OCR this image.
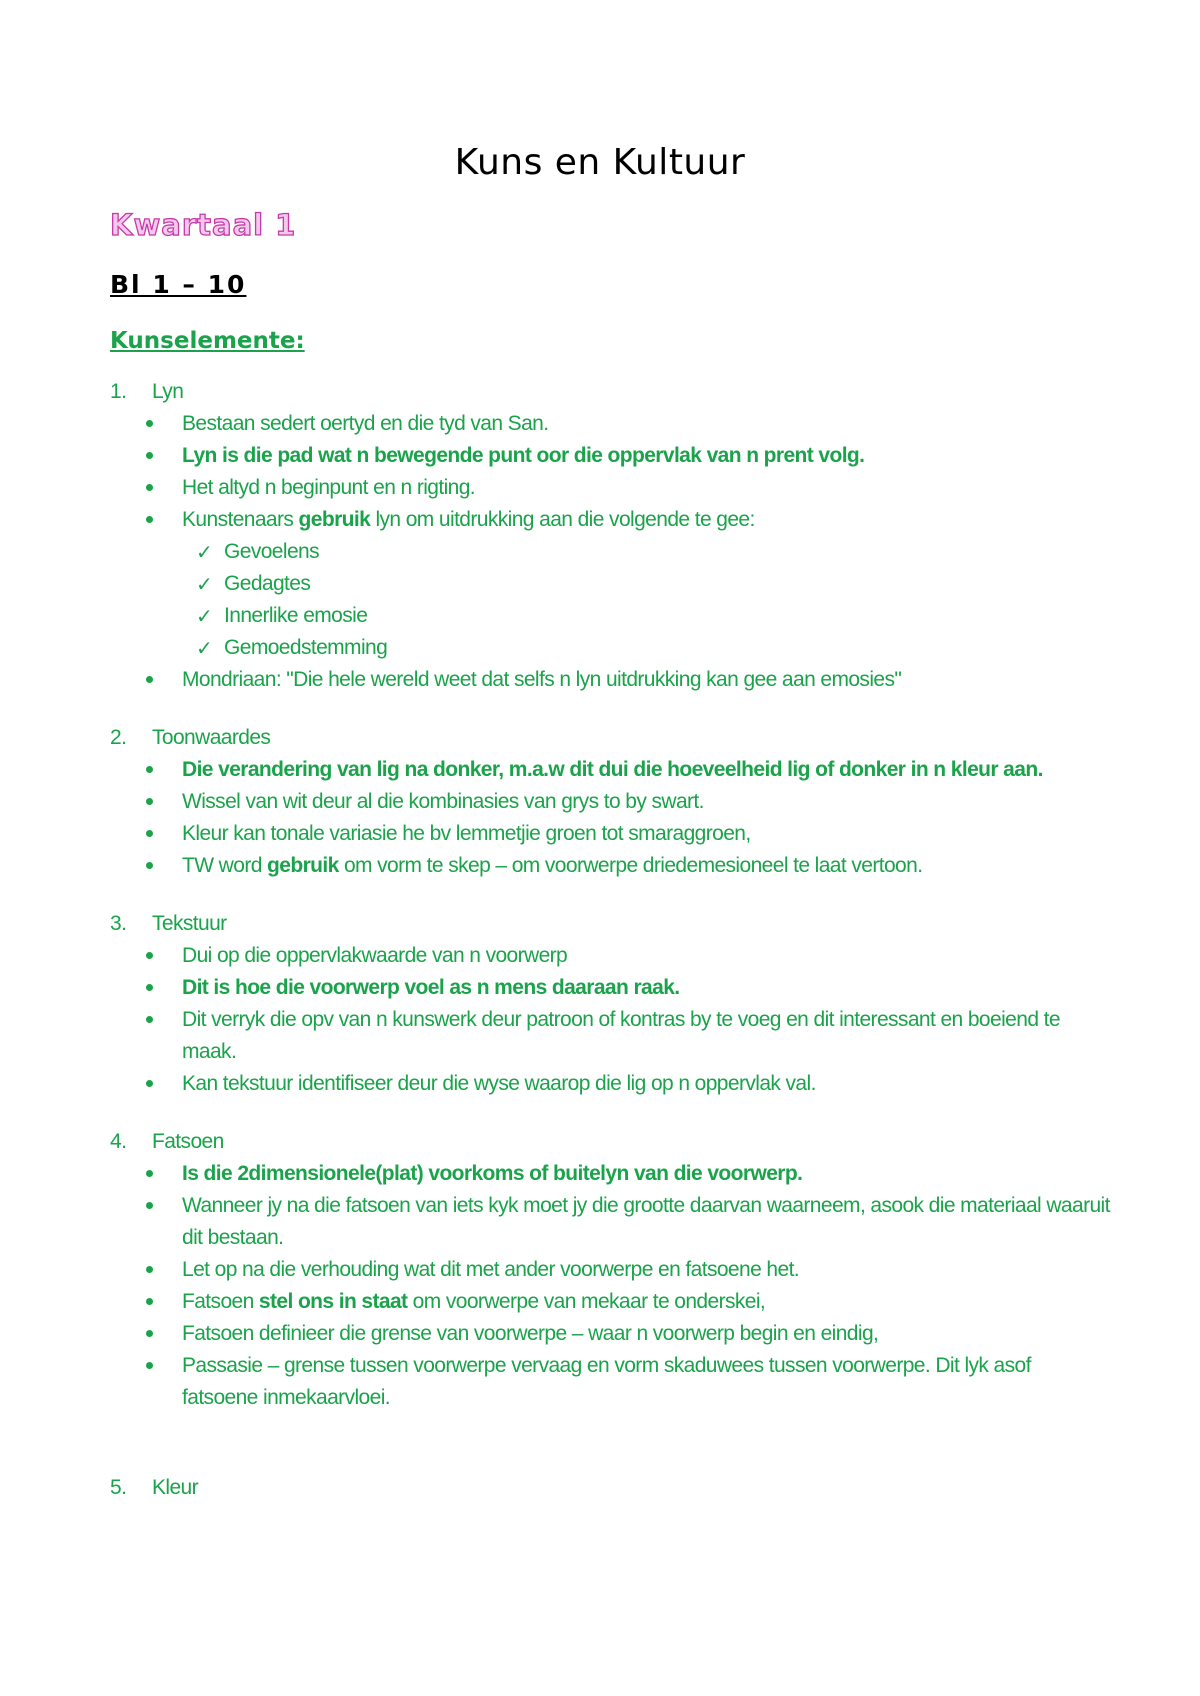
Kuns en Kultuur
Kwartaal 1
Bl 1 – 10
Kunselemente:
1.	Lyn
Bestaan sedert oertyd en die tyd van San.
Lyn is die pad wat n bewegende punt oor die oppervlak van n prent volg.
Het altyd n beginpunt en n rigting.
Kunstenaars gebruik lyn om uitdrukking aan die volgende te gee:
✓ Gevoelens
✓ Gedagtes
✓ Innerlike emosie
✓ Gemoedstemming
Mondriaan: "Die hele wereld weet dat selfs n lyn uitdrukking kan gee aan emosies"
2.	Toonwaardes
Die verandering van lig na donker, m.a.w dit dui die hoeveelheid lig of donker in n kleur aan.
Wissel van wit deur al die kombinasies van grys to by swart.
Kleur kan tonale variasie he bv lemmetjie groen tot smaraggroen,
TW word gebruik om vorm te skep – om voorwerpe driedemesioneel te laat vertoon.
3.	Tekstuur
Dui op die oppervlakwaarde van n voorwerp
Dit is hoe die voorwerp voel as n mens daaraan raak.
Dit verryk die opv van n kunswerk deur patroon of kontras by te voeg en dit interessant en boeiend te maak.
Kan tekstuur identifiseer deur die wyse waarop die lig op n oppervlak val.
4.	Fatsoen
Is die 2dimensionele(plat) voorkoms of buitelyn van die voorwerp.
Wanneer jy na die fatsoen van iets kyk moet jy die grootte daarvan waarneem, asook die materiaal waaruit dit bestaan.
Let op na die verhouding wat dit met ander voorwerpe en fatsoene het.
Fatsoen stel ons in staat om voorwerpe van mekaar te onderskei,
Fatsoen definieer die grense van voorwerpe – waar n voorwerp begin en eindig,
Passasie – grense tussen voorwerpe vervaag en vorm skaduwees tussen voorwerpe. Dit lyk asof fatsoene inmekaarvloei.
5.	Kleur
